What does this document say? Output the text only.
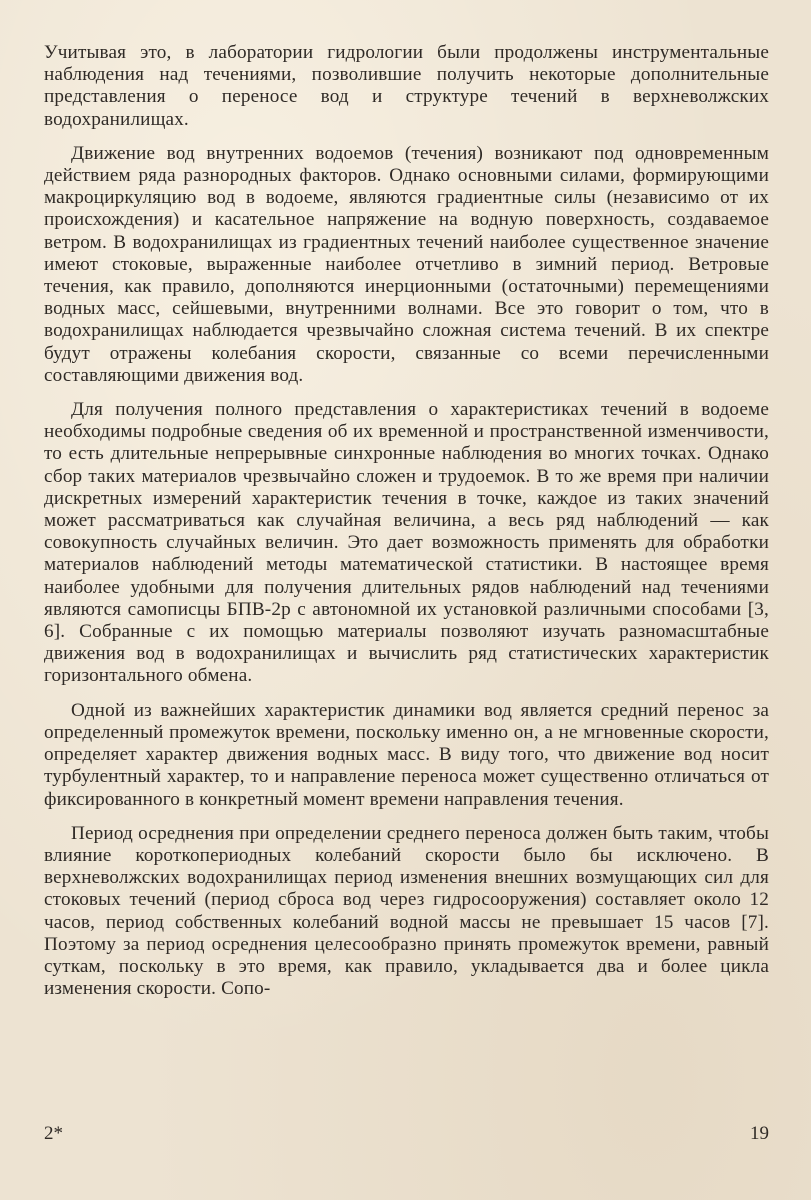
Учитывая это, в лаборатории гидрологии были продолжены инструментальные наблюдения над течениями, позволившие получить некоторые дополнительные представления о переносе вод и структуре течений в верхневолжских водохранилищах.

Движение вод внутренних водоемов (течения) возникают под одновременным действием ряда разнородных факторов. Однако основными силами, формирующими макроциркуляцию вод в водоеме, являются градиентные силы (независимо от их происхождения) и касательное напряжение на водную поверхность, создаваемое ветром. В водохранилищах из градиентных течений наиболее существенное значение имеют стоковые, выраженные наиболее отчетливо в зимний период. Ветровые течения, как правило, дополняются инерционными (остаточными) перемещениями водных масс, сейшевыми, внутренними волнами. Все это говорит о том, что в водохранилищах наблюдается чрезвычайно сложная система течений. В их спектре будут отражены колебания скорости, связанные со всеми перечисленными составляющими движения вод.

Для получения полного представления о характеристиках течений в водоеме необходимы подробные сведения об их временной и пространственной изменчивости, то есть длительные непрерывные синхронные наблюдения во многих точках. Однако сбор таких материалов чрезвычайно сложен и трудоемок. В то же время при наличии дискретных измерений характеристик течения в точке, каждое из таких значений может рассматриваться как случайная величина, а весь ряд наблюдений — как совокупность случайных величин. Это дает возможность применять для обработки материалов наблюдений методы математической статистики. В настоящее время наиболее удобными для получения длительных рядов наблюдений над течениями являются самописцы БПВ-2р с автономной их установкой различными способами [3, 6]. Собранные с их помощью материалы позволяют изучать разномасштабные движения вод в водохранилищах и вычислить ряд статистических характеристик горизонтального обмена.

Одной из важнейших характеристик динамики вод является средний перенос за определенный промежуток времени, поскольку именно он, а не мгновенные скорости, определяет характер движения водных масс. В виду того, что движение вод носит турбулентный характер, то и направление переноса может существенно отличаться от фиксированного в конкретный момент времени направления течения.

Период осреднения при определении среднего переноса должен быть таким, чтобы влияние короткопериодных колебаний скорости было бы исключено. В верхневолжских водохранилищах период изменения внешних возмущающих сил для стоковых течений (период сброса вод через гидросооружения) составляет около 12 часов, период собственных колебаний водной массы не превышает 15 часов [7]. Поэтому за период осреднения целесообразно принять промежуток времени, равный суткам, поскольку в это время, как правило, укладывается два и более цикла изменения скорости. Сопо-

2*	19
